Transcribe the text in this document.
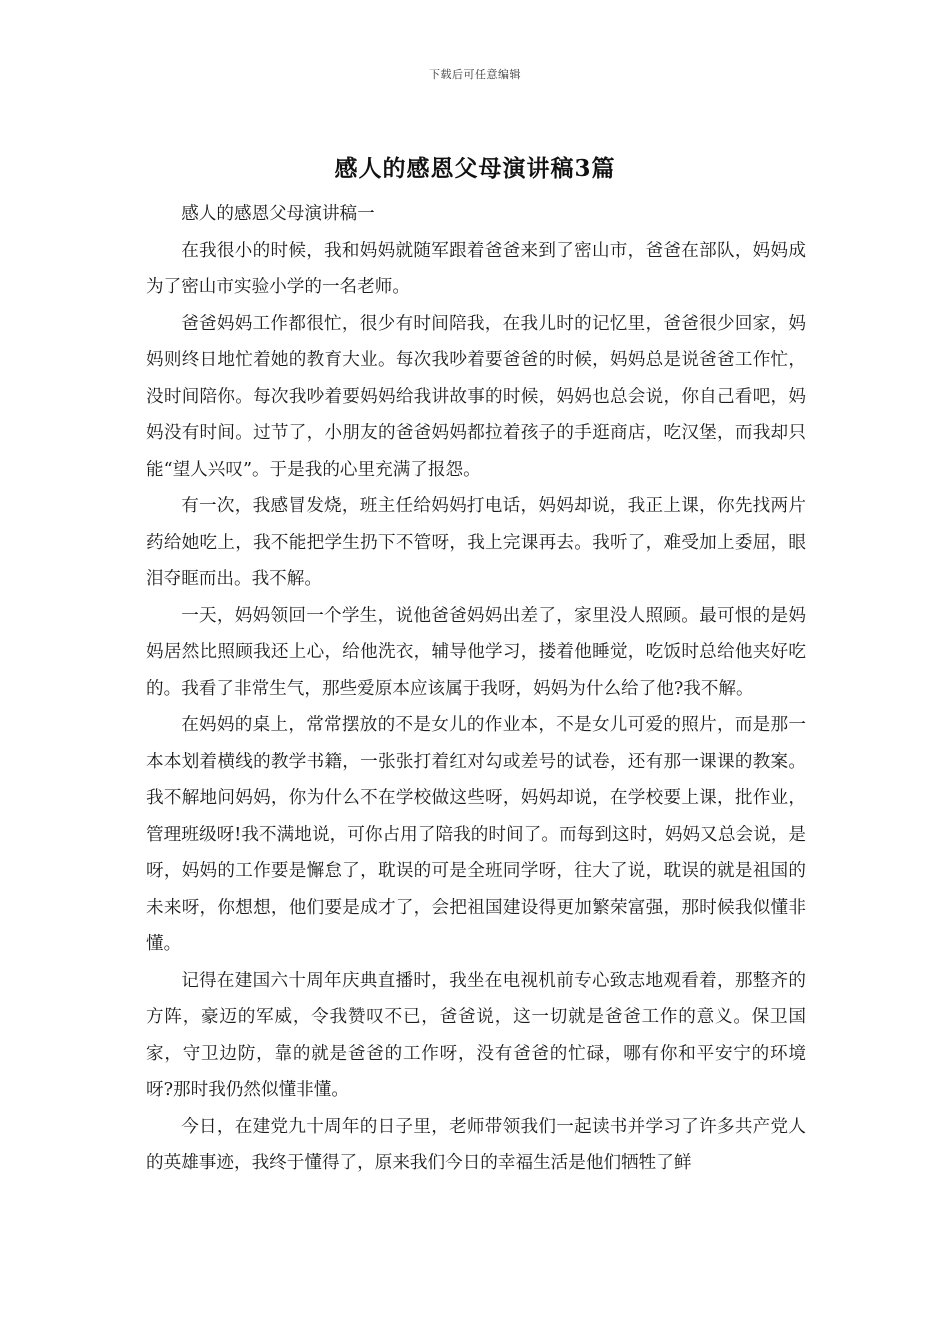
下载后可任意编辑
感人的感恩父母演讲稿3篇

感人的感恩父母演讲稿一

在我很小的时候，我和妈妈就随军跟着爸爸来到了密山市，爸爸在部队，妈妈成为了密山市实验小学的一名老师。

爸爸妈妈工作都很忙，很少有时间陪我，在我儿时的记忆里，爸爸很少回家，妈妈则终日地忙着她的教育大业。每次我吵着要爸爸的时候，妈妈总是说爸爸工作忙，没时间陪你。每次我吵着要妈妈给我讲故事的时候，妈妈也总会说，你自己看吧，妈妈没有时间。过节了，小朋友的爸爸妈妈都拉着孩子的手逛商店，吃汉堡，而我却只能“望人兴叹”。于是我的心里充满了报怨。

有一次，我感冒发烧，班主任给妈妈打电话，妈妈却说，我正上课，你先找两片药给她吃上，我不能把学生扔下不管呀，我上完课再去。我听了，难受加上委屈，眼泪夺眶而出。我不解。

一天，妈妈领回一个学生，说他爸爸妈妈出差了，家里没人照顾。最可恨的是妈妈居然比照顾我还上心，给他洗衣，辅导他学习，搂着他睡觉，吃饭时总给他夹好吃的。我看了非常生气，那些爱原本应该属于我呀，妈妈为什么给了他?我不解。

在妈妈的桌上，常常摆放的不是女儿的作业本，不是女儿可爱的照片，而是那一本本划着横线的教学书籍，一张张打着红对勾或差号的试卷，还有那一课课的教案。我不解地问妈妈，你为什么不在学校做这些呀，妈妈却说，在学校要上课，批作业，管理班级呀!我不满地说，可你占用了陪我的时间了。而每到这时，妈妈又总会说，是呀，妈妈的工作要是懈怠了，耽误的可是全班同学呀，往大了说，耽误的就是祖国的未来呀，你想想，他们要是成才了，会把祖国建设得更加繁荣富强，那时候我似懂非懂。

记得在建国六十周年庆典直播时，我坐在电视机前专心致志地观看着，那整齐的方阵，豪迈的军威，令我赞叹不已，爸爸说，这一切就是爸爸工作的意义。保卫国家，守卫边防，靠的就是爸爸的工作呀，没有爸爸的忙碌，哪有你和平安宁的环境呀?那时我仍然似懂非懂。

今日，在建党九十周年的日子里，老师带领我们一起读书并学习了许多共产党人的英雄事迹，我终于懂得了，原来我们今日的幸福生活是他们牺牲了鲜
